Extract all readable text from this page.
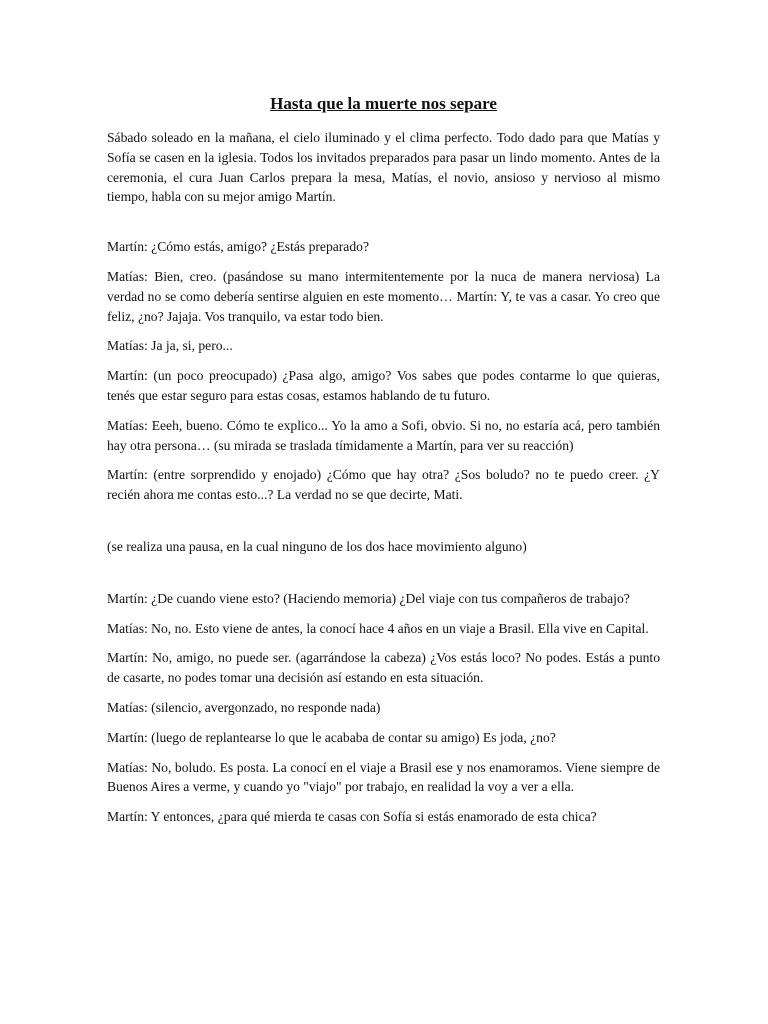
Hasta que la muerte nos separe

Sábado soleado en la mañana, el cielo iluminado y el clima perfecto. Todo dado para que Matías y Sofía se casen en la iglesia. Todos los invitados preparados para pasar un lindo momento. Antes de la ceremonia, el cura Juan Carlos prepara la mesa, Matías, el novio, ansioso y nervioso al mismo tiempo, habla con su mejor amigo Martín.

Martín: ¿Cómo estás, amigo? ¿Estás preparado?

Matías: Bien, creo. (pasándose su mano intermitentemente por la nuca de manera nerviosa) La verdad no se como debería sentirse alguien en este momento… Martín: Y, te vas a casar. Yo creo que feliz, ¿no? Jajaja. Vos tranquilo, va estar todo bien.

Matías: Ja ja, si, pero...

Martín: (un poco preocupado) ¿Pasa algo, amigo? Vos sabes que podes contarme lo que quieras, tenés que estar seguro para estas cosas, estamos hablando de tu futuro.

Matías: Eeeh, bueno. Cómo te explico... Yo la amo a Sofi, obvio. Si no, no estaría acá, pero también hay otra persona… (su mirada se traslada tímidamente a Martín, para ver su reacción)

Martín: (entre sorprendido y enojado) ¿Cómo que hay otra? ¿Sos boludo? no te puedo creer. ¿Y recién ahora me contas esto...? La verdad no se que decirte, Mati.

(se realiza una pausa, en la cual ninguno de los dos hace movimiento alguno)

Martín: ¿De cuando viene esto? (Haciendo memoria) ¿Del viaje con tus compañeros de trabajo?

Matías: No, no. Esto viene de antes, la conocí hace 4 años en un viaje a Brasil. Ella vive en Capital.

Martín: No, amigo, no puede ser. (agarrándose la cabeza) ¿Vos estás loco? No podes. Estás a punto de casarte, no podes tomar una decisión así estando en esta situación.

Matías: (silencio, avergonzado, no responde nada)

Martín: (luego de replantearse lo que le acababa de contar su amigo) Es joda, ¿no?

Matías: No, boludo. Es posta. La conocí en el viaje a Brasil ese y nos enamoramos. Viene siempre de Buenos Aires a verme, y cuando yo "viajo" por trabajo, en realidad la voy a ver a ella.

Martín: Y entonces, ¿para qué mierda te casas con Sofía si estás enamorado de esta chica?
